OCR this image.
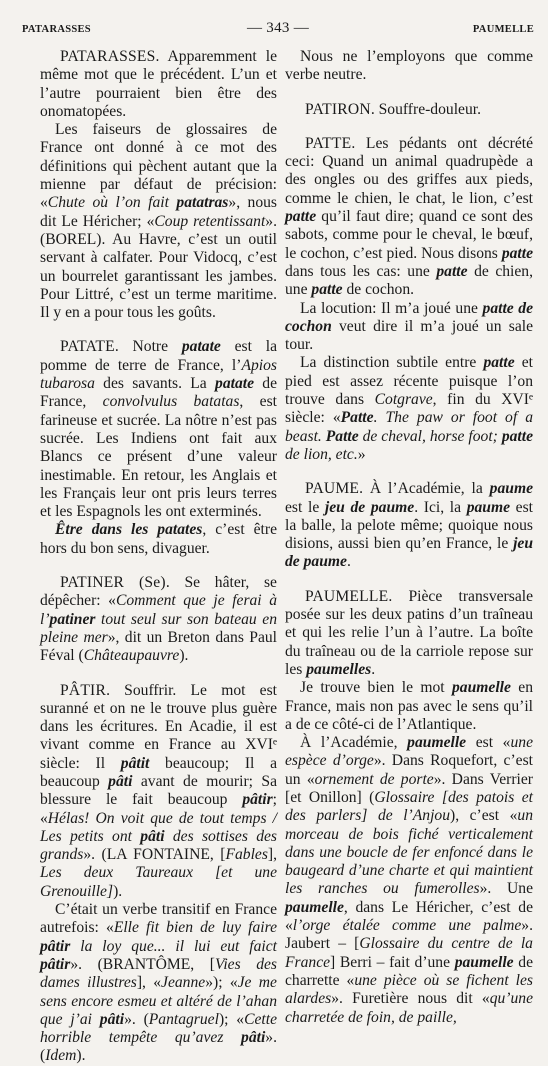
PATARASSES	— 343 —	PAUMELLE

PATARASSES. Apparemment le même mot que le précédent. L’un et l’autre pourraient bien être des onomatopées.

Les faiseurs de glossaires de France ont donné à ce mot des définitions qui pèchent autant que la mienne par défaut de précision: «Chute où l’on fait patatras», nous dit Le Héricher; «Coup retentissant». (BOREL). Au Havre, c’est un outil servant à calfater. Pour Vidocq, c’est un bourrelet garantissant les jambes. Pour Littré, c’est un terme maritime. Il y en a pour tous les goûts.

PATATE. Notre patate est la pomme de terre de France, l’Apios tubarosa des savants. La patate de France, convolvulus batatas, est farineuse et sucrée. La nôtre n’est pas sucrée. Les Indiens ont fait aux Blancs ce présent d’une valeur inestimable. En retour, les Anglais et les Français leur ont pris leurs terres et les Espagnols les ont exterminés.

Être dans les patates, c’est être hors du bon sens, divaguer.

PATINER (Se). Se hâter, se dépêcher: «Comment que je ferai à l’patiner tout seul sur son bateau en pleine mer», dit un Breton dans Paul Féval (Châteaupauvre).

PÂTIR. Souffrir. Le mot est suranné et on ne le trouve plus guère dans les écritures. En Acadie, il est vivant comme en France au XVIᵉ siècle: Il pâtit beaucoup; Il a beaucoup pâti avant de mourir; Sa blessure le fait beaucoup pâtir; «Hélas! On voit que de tout temps / Les petits ont pâti des sottises des grands». (LA FONTAINE, [Fables], Les deux Taureaux [et une Grenouille]).

C’était un verbe transitif en France autrefois: «Elle fit bien de luy faire pâtir la loy que... il lui eut faict pâtir». (BRANTÔME, [Vies des dames illustres], «Jeanne»); «Je me sens encore esmeu et altéré de l’ahan que j’ai pâti». (Pantagruel); «Cette horrible tempête qu’avez pâti». (Idem).

Nous ne l’employons que comme verbe neutre.

PATIRON. Souffre-douleur.

PATTE. Les pédants ont décrété ceci: Quand un animal quadrupède a des ongles ou des griffes aux pieds, comme le chien, le chat, le lion, c’est patte qu’il faut dire; quand ce sont des sabots, comme pour le cheval, le bœuf, le cochon, c’est pied. Nous disons patte dans tous les cas: une patte de chien, une patte de cochon.

La locution: Il m’a joué une patte de cochon veut dire il m’a joué un sale tour.

La distinction subtile entre patte et pied est assez récente puisque l’on trouve dans Cotgrave, fin du XVIᵉ siècle: «Patte. The paw or foot of a beast. Patte de cheval, horse foot; patte de lion, etc.»

PAUME. À l’Académie, la paume est le jeu de paume. Ici, la paume est la balle, la pelote même; quoique nous disions, aussi bien qu’en France, le jeu de paume.

PAUMELLE. Pièce transversale posée sur les deux patins d’un traîneau et qui les relie l’un à l’autre. La boîte du traîneau ou de la carriole repose sur les paumelles.

Je trouve bien le mot paumelle en France, mais non pas avec le sens qu’il a de ce côté-ci de l’Atlantique.

À l’Académie, paumelle est «une espèce d’orge». Dans Roquefort, c’est un «ornement de porte». Dans Verrier [et Onillon] (Glossaire [des patois et des parlers] de l’Anjou), c’est «un morceau de bois fiché verticalement dans une boucle de fer enfoncé dans le baugeard d’une charte et qui maintient les ranches ou fumerolles». Une paumelle, dans Le Héricher, c’est de «l’orge étalée comme une palme». Jaubert – [Glossaire du centre de la France] Berri – fait d’une paumelle de charrette «une pièce où se fichent les alardes». Furetière nous dit «qu’une charretée de foin, de paille,
